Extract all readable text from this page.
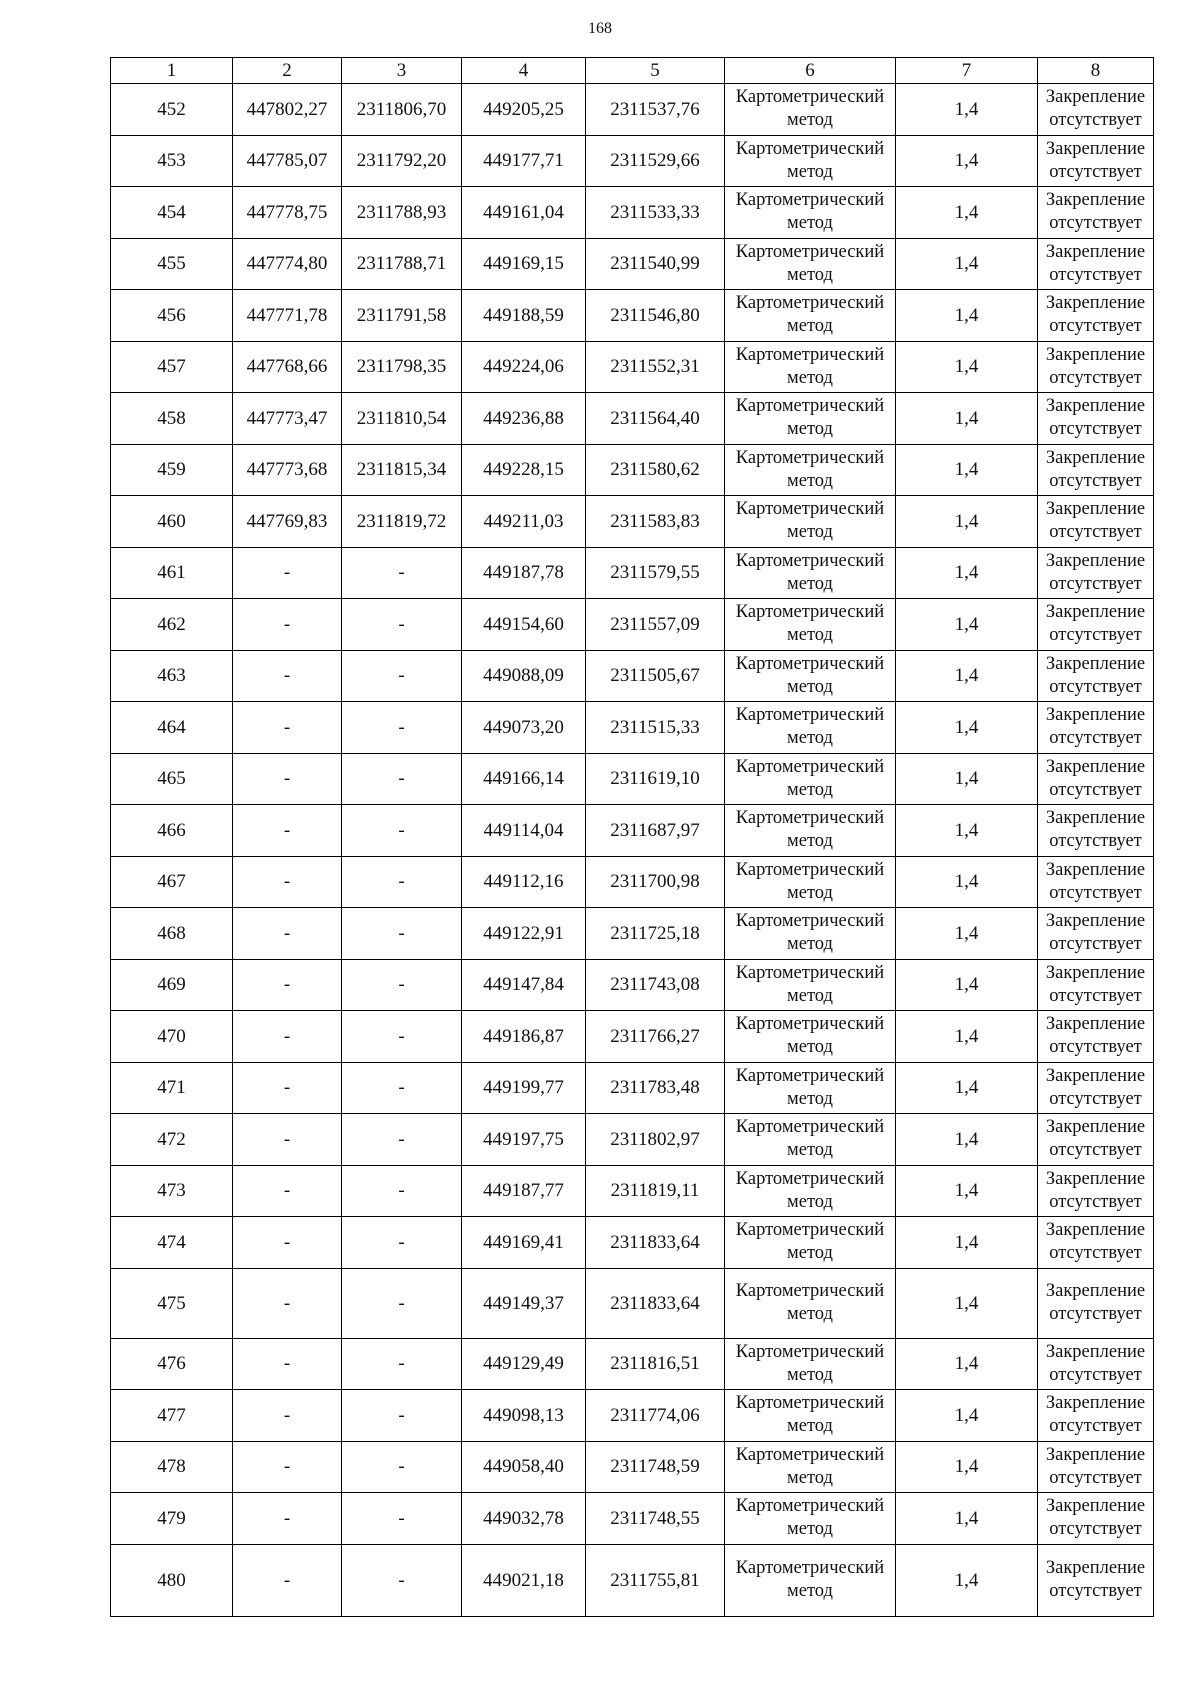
168
1	2	3	4	5	6	7	8
452	447802,27	2311806,70	449205,25	2311537,76	Картометрический метод	1,4	Закрепление отсутствует
453	447785,07	2311792,20	449177,71	2311529,66	Картометрический метод	1,4	Закрепление отсутствует
454	447778,75	2311788,93	449161,04	2311533,33	Картометрический метод	1,4	Закрепление отсутствует
455	447774,80	2311788,71	449169,15	2311540,99	Картометрический метод	1,4	Закрепление отсутствует
456	447771,78	2311791,58	449188,59	2311546,80	Картометрический метод	1,4	Закрепление отсутствует
457	447768,66	2311798,35	449224,06	2311552,31	Картометрический метод	1,4	Закрепление отсутствует
458	447773,47	2311810,54	449236,88	2311564,40	Картометрический метод	1,4	Закрепление отсутствует
459	447773,68	2311815,34	449228,15	2311580,62	Картометрический метод	1,4	Закрепление отсутствует
460	447769,83	2311819,72	449211,03	2311583,83	Картометрический метод	1,4	Закрепление отсутствует
461	-	-	449187,78	2311579,55	Картометрический метод	1,4	Закрепление отсутствует
462	-	-	449154,60	2311557,09	Картометрический метод	1,4	Закрепление отсутствует
463	-	-	449088,09	2311505,67	Картометрический метод	1,4	Закрепление отсутствует
464	-	-	449073,20	2311515,33	Картометрический метод	1,4	Закрепление отсутствует
465	-	-	449166,14	2311619,10	Картометрический метод	1,4	Закрепление отсутствует
466	-	-	449114,04	2311687,97	Картометрический метод	1,4	Закрепление отсутствует
467	-	-	449112,16	2311700,98	Картометрический метод	1,4	Закрепление отсутствует
468	-	-	449122,91	2311725,18	Картометрический метод	1,4	Закрепление отсутствует
469	-	-	449147,84	2311743,08	Картометрический метод	1,4	Закрепление отсутствует
470	-	-	449186,87	2311766,27	Картометрический метод	1,4	Закрепление отсутствует
471	-	-	449199,77	2311783,48	Картометрический метод	1,4	Закрепление отсутствует
472	-	-	449197,75	2311802,97	Картометрический метод	1,4	Закрепление отсутствует
473	-	-	449187,77	2311819,11	Картометрический метод	1,4	Закрепление отсутствует
474	-	-	449169,41	2311833,64	Картометрический метод	1,4	Закрепление отсутствует
475	-	-	449149,37	2311833,64	Картометрический метод	1,4	Закрепление отсутствует
476	-	-	449129,49	2311816,51	Картометрический метод	1,4	Закрепление отсутствует
477	-	-	449098,13	2311774,06	Картометрический метод	1,4	Закрепление отсутствует
478	-	-	449058,40	2311748,59	Картометрический метод	1,4	Закрепление отсутствует
479	-	-	449032,78	2311748,55	Картометрический метод	1,4	Закрепление отсутствует
480	-	-	449021,18	2311755,81	Картометрический метод	1,4	Закрепление отсутствует
